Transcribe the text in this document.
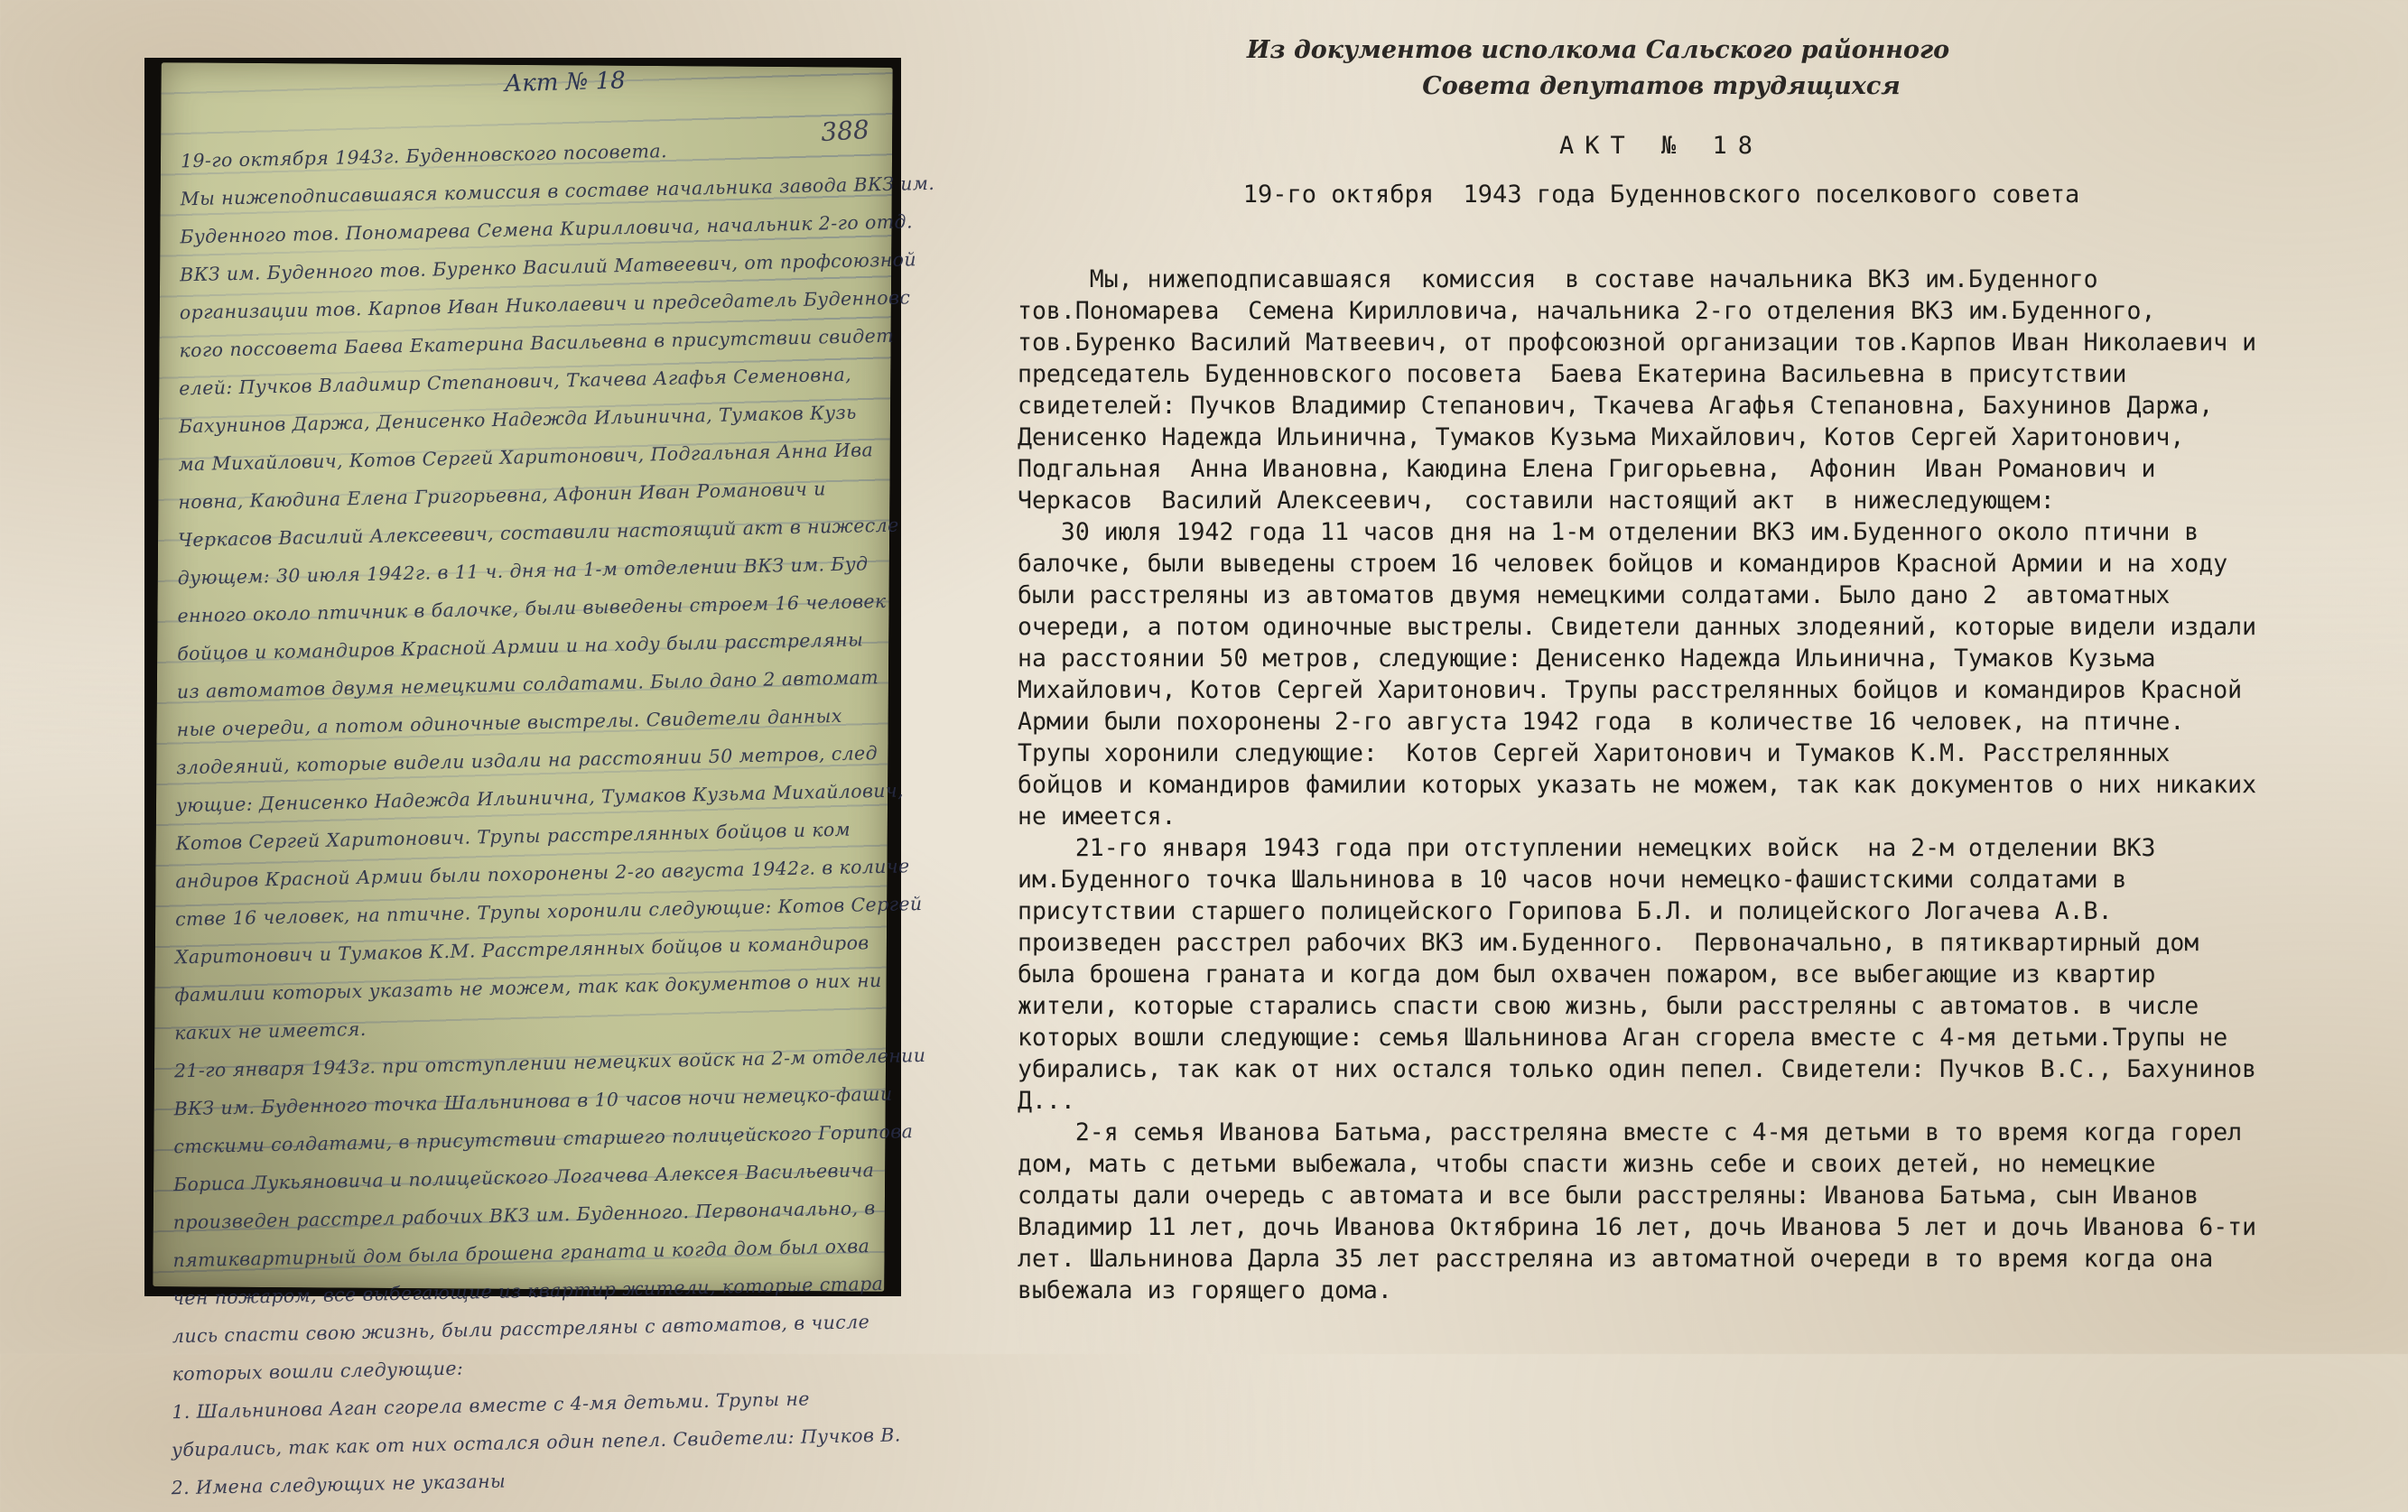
Акт № 18
388
19-го октября 1943г. Буденновского посовета.
Мы нижеподписавшаяся комиссия в составе начальника завода ВКЗ им.
Буденного тов. Пономарева Семена Кирилловича, начальник 2-го отд.
ВКЗ им. Буденного тов. Буренко Василий Матвеевич, от профсоюзной
организации тов. Карпов Иван Николаевич и председатель Буденновс
кого поссовета Баева Екатерина Васильевна в присутствии свидет
елей: Пучков Владимир Степанович, Ткачева Агафья Семеновна,
Бахунинов Даржа, Денисенко Надежда Ильинична, Тумаков Кузь
ма Михайлович, Котов Сергей Харитонович, Подгальная Анна Ива
новна, Каюдина Елена Григорьевна, Афонин Иван Романович и
Черкасов Василий Алексеевич, составили настоящий акт в нижесле
дующем: 30 июля 1942г. в 11 ч. дня на 1-м отделении ВКЗ им. Буд
енного около птичник в балочке, были выведены строем 16 человек
бойцов и командиров Красной Армии и на ходу были расстреляны
из автоматов двумя немецкими солдатами. Было дано 2 автомат
ные очереди, а потом одиночные выстрелы. Свидетели данных
злодеяний, которые видели издали на расстоянии 50 метров, след
ующие: Денисенко Надежда Ильинична, Тумаков Кузьма Михайлович,
Котов Сергей Харитонович. Трупы расстрелянных бойцов и ком
андиров Красной Армии были похоронены 2-го августа 1942г. в количе
стве 16 человек, на птичне. Трупы хоронили следующие: Котов Сергей
Харитонович и Тумаков К.М. Расстрелянных бойцов и командиров
фамилии которых указать не можем, так как документов о них ни
каких не имеется.
21-го января 1943г. при отступлении немецких войск на 2-м отделении
ВКЗ им. Буденного точка Шальнинова в 10 часов ночи немецко-фаши
стскими солдатами, в присутствии старшего полицейского Горипова
Бориса Лукьяновича и полицейского Логачева Алексея Васильевича
произведен расстрел рабочих ВКЗ им. Буденного. Первоначально, в
пятиквартирный дом была брошена граната и когда дом был охва
чен пожаром, все выбегающие из квартир жители, которые стара
лись спасти свою жизнь, были расстреляны с автоматов, в числе
которых вошли следующие:
1. Шальнинова Аган сгорела вместе с 4-мя детьми. Трупы не
убирались, так как от них остался один пепел. Свидетели: Пучков В.
2. Имена следующих не указаны
Из документов исполкома Сальского районного
Совета депутатов трудящихся
АКТ № 18
19-го октября  1943 года Буденновского поселкового совета
Мы, нижеподписавшаяся  комиссия  в составе начальника ВКЗ им.Буденного
тов.Пономарева  Семена Кирилловича, начальника 2-го отделения ВКЗ им.Буденного,
тов.Буренко Василий Матвеевич, от профсоюзной организации тов.Карпов Иван Николаевич и
председатель Буденновского посовета  Баева Екатерина Васильевна в присутствии
свидетелей: Пучков Владимир Степанович, Ткачева Агафья Степановна, Бахунинов Даржа,
Денисенко Надежда Ильинична, Тумаков Кузьма Михайлович, Котов Сергей Харитонович,
Подгальная  Анна Ивановна, Каюдина Елена Григорьевна,  Афонин  Иван Романович и
Черкасов  Василий Алексеевич,  составили настоящий акт  в нижеследующем:
30 июля 1942 года 11 часов дня на 1-м отделении ВКЗ им.Буденного около птични в
балочке, были выведены строем 16 человек бойцов и командиров Красной Армии и на ходу
были расстреляны из автоматов двумя немецкими солдатами. Было дано 2  автоматных
очереди, а потом одиночные выстрелы. Свидетели данных злодеяний, которые видели издали
на расстоянии 50 метров, следующие: Денисенко Надежда Ильинична, Тумаков Кузьма
Михайлович, Котов Сергей Харитонович. Трупы расстрелянных бойцов и командиров Красной
Армии были похоронены 2-го августа 1942 года  в количестве 16 человек, на птичне.
Трупы хоронили следующие:  Котов Сергей Харитонович и Тумаков К.М. Расстрелянных
бойцов и командиров фамилии которых указать не можем, так как документов о них никаких
не имеется.
21-го января 1943 года при отступлении немецких войск  на 2-м отделении ВКЗ
им.Буденного точка Шальнинова в 10 часов ночи немецко-фашистскими солдатами в
присутствии старшего полицейского Горипова Б.Л. и полицейского Логачева А.В.
произведен расстрел рабочих ВКЗ им.Буденного.  Первоначально, в пятиквартирный дом
была брошена граната и когда дом был охвачен пожаром, все выбегающие из квартир
жители, которые старались спасти свою жизнь, были расстреляны с автоматов. в числе
которых вошли следующие: семья Шальнинова Аган сгорела вместе с 4-мя детьми.Трупы не
убирались, так как от них остался только один пепел. Свидетели: Пучков В.С., Бахунинов
Д...
2-я семья Иванова Батьма, расстреляна вместе с 4-мя детьми в то время когда горел
дом, мать с детьми выбежала, чтобы спасти жизнь себе и своих детей, но немецкие
солдаты дали очередь с автомата и все были расстреляны: Иванова Батьма, сын Иванов
Владимир 11 лет, дочь Иванова Октябрина 16 лет, дочь Иванова 5 лет и дочь Иванова 6-ти
лет. Шальнинова Дарла 35 лет расстреляна из автоматной очереди в то время когда она
выбежала из горящего дома.
